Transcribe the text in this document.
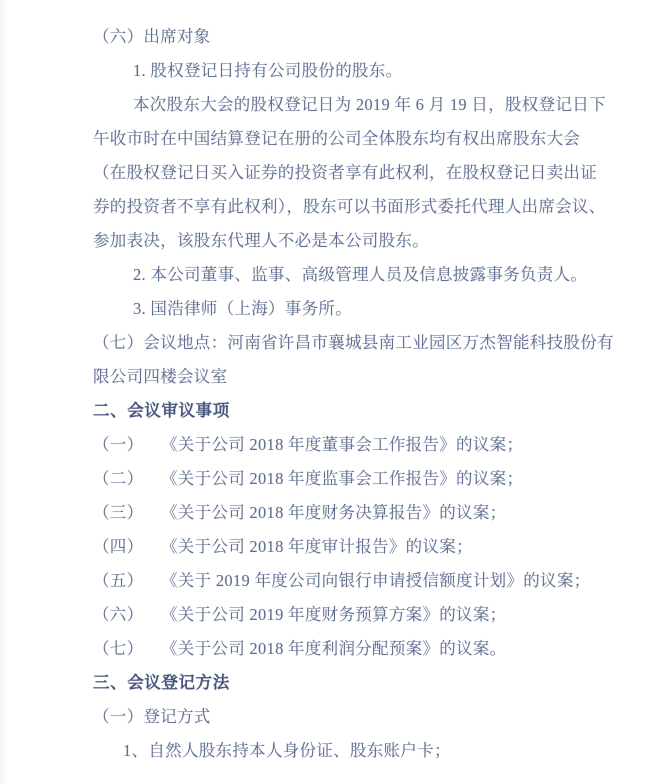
（六）出席对象
1. 股权登记日持有公司股份的股东。
本次股东大会的股权登记日为 2019 年 6 月 19 日，股权登记日下
午收市时在中国结算登记在册的公司全体股东均有权出席股东大会
（在股权登记日买入证券的投资者享有此权利，在股权登记日卖出证
券的投资者不享有此权利），股东可以书面形式委托代理人出席会议、
参加表决，该股东代理人不必是本公司股东。
2. 本公司董事、监事、高级管理人员及信息披露事务负责人。
3. 国浩律师（上海）事务所。
（七）会议地点：河南省许昌市襄城县南工业园区万杰智能科技股份有
限公司四楼会议室
二、会议审议事项
（一） 《关于公司 2018 年度董事会工作报告》的议案；
（二） 《关于公司 2018 年度监事会工作报告》的议案；
（三） 《关于公司 2018 年度财务决算报告》的议案；
（四） 《关于公司 2018 年度审计报告》的议案；
（五） 《关于 2019 年度公司向银行申请授信额度计划》的议案；
（六） 《关于公司 2019 年度财务预算方案》的议案；
（七） 《关于公司 2018 年度利润分配预案》的议案。
三、会议登记方法
（一）登记方式
1、自然人股东持本人身份证、股东账户卡；
